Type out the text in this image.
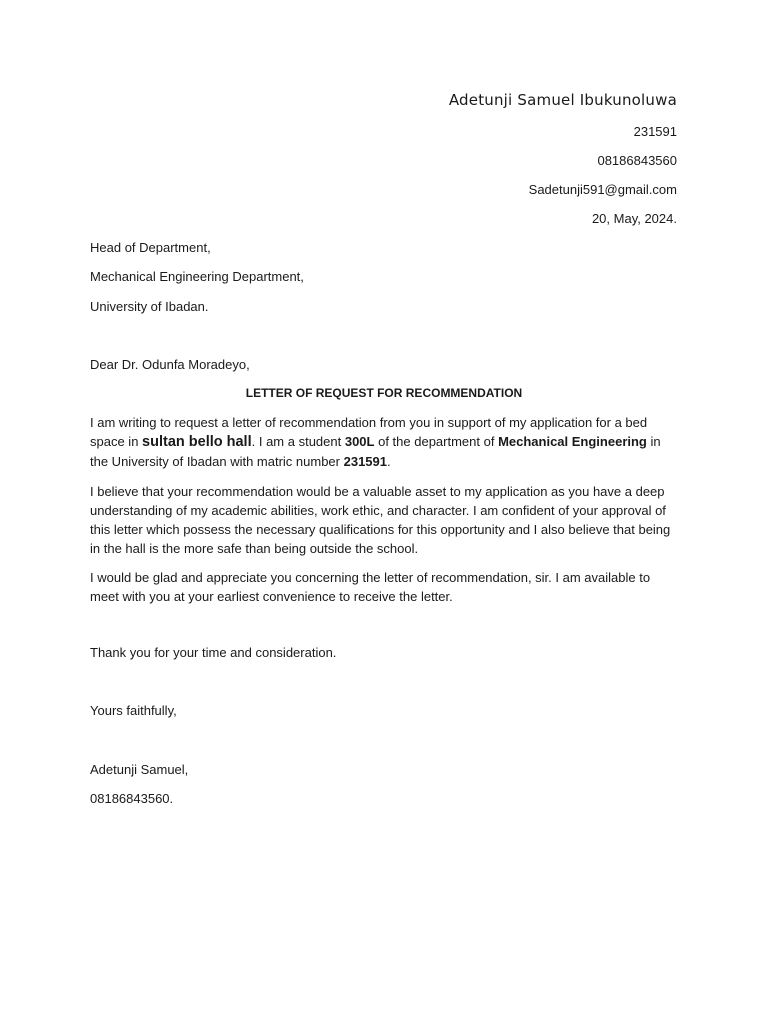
Adetunji Samuel Ibukunoluwa
231591
08186843560
Sadetunji591@gmail.com
20, May, 2024.
Head of Department,
Mechanical Engineering Department,
University of Ibadan.
Dear Dr. Odunfa Moradeyo,
LETTER OF REQUEST FOR RECOMMENDATION
I am writing to request a letter of recommendation from you in support of my application for a bed space in sultan bello hall. I am a student 300L of the department of Mechanical Engineering in the University of Ibadan with matric number 231591.
I believe that your recommendation would be a valuable asset to my application as you have a deep understanding of my academic abilities, work ethic, and character. I am confident of your approval of this letter which possess the necessary qualifications for this opportunity and I also believe that being in the hall is the more safe than being outside the school.
I would be glad and appreciate you concerning the letter of recommendation, sir. I am available to meet with you at your earliest convenience to receive the letter.
Thank you for your time and consideration.
Yours faithfully,
Adetunji Samuel,
08186843560.
